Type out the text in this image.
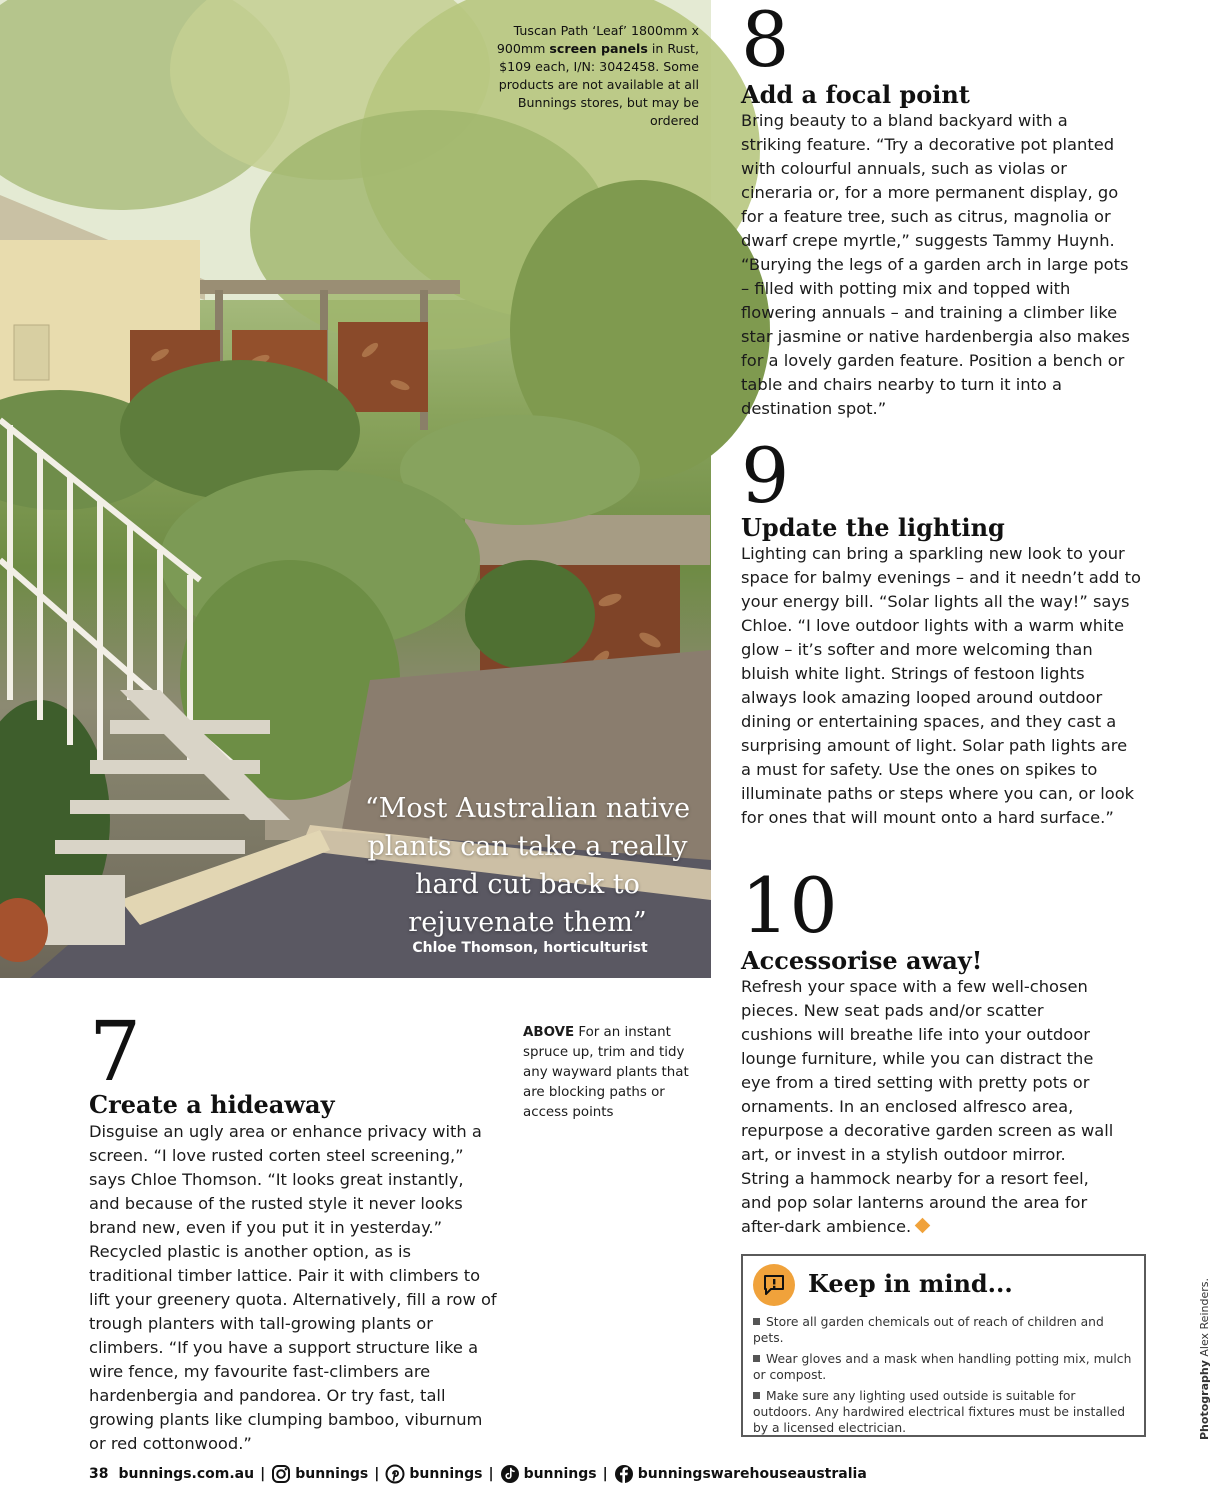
Tuscan Path ‘Leaf’ 1800mm x 900mm screen panels in Rust, $109 each, I/N: 3042458. Some products are not available at all Bunnings stores, but may be ordered
“Most Australian native plants can take a really hard cut back to rejuvenate them”
Chloe Thomson, horticulturist
8
Add a focal point
Bring beauty to a bland backyard with a striking feature. “Try a decorative pot planted with colourful annuals, such as violas or cineraria or, for a more permanent display, go for a feature tree, such as citrus, magnolia or dwarf crepe myrtle,” suggests Tammy Huynh. “Burying the legs of a garden arch in large pots – filled with potting mix and topped with flowering annuals – and training a climber like star jasmine or native hardenbergia also makes for a lovely garden feature. Position a bench or table and chairs nearby to turn it into a destination spot.”
9
Update the lighting
Lighting can bring a sparkling new look to your space for balmy evenings – and it needn’t add to your energy bill. “Solar lights all the way!” says Chloe. “I love outdoor lights with a warm white glow – it’s softer and more welcoming than bluish white light. Strings of festoon lights always look amazing looped around outdoor dining or entertaining spaces, and they cast a surprising amount of light. Solar path lights are a must for safety. Use the ones on spikes to illuminate paths or steps where you can, or look for ones that will mount onto a hard surface.”
10
Accessorise away!
Refresh your space with a few well-chosen pieces. New seat pads and/or scatter cushions will breathe life into your outdoor lounge furniture, while you can distract the eye from a tired setting with pretty pots or ornaments. In an enclosed alfresco area, repurpose a decorative garden screen as wall art, or invest in a stylish outdoor mirror. String a hammock nearby for a resort feel, and pop solar lanterns around the area for after-dark ambience.
7
Create a hideaway
Disguise an ugly area or enhance privacy with a screen. “I love rusted corten steel screening,” says Chloe Thomson. “It looks great instantly, and because of the rusted style it never looks brand new, even if you put it in yesterday.” Recycled plastic is another option, as is traditional timber lattice. Pair it with climbers to lift your greenery quota. Alternatively, fill a row of trough planters with tall-growing plants or climbers. “If you have a support structure like a wire fence, my favourite fast-climbers are hardenbergia and pandorea. Or try fast, tall growing plants like clumping bamboo, viburnum or red cottonwood.”
ABOVE For an instant spruce up, trim and tidy any wayward plants that are blocking paths or access points
Keep in mind...
Store all garden chemicals out of reach of children and pets.
Wear gloves and a mask when handling potting mix, mulch or compost.
Make sure any lighting used outside is suitable for outdoors. Any hardwired electrical fixtures must be installed by a licensed electrician.	Photography Alex Reinders.
38 bunnings.com.au | bunnings | bunnings | bunnings | bunningswarehouseaustralia
